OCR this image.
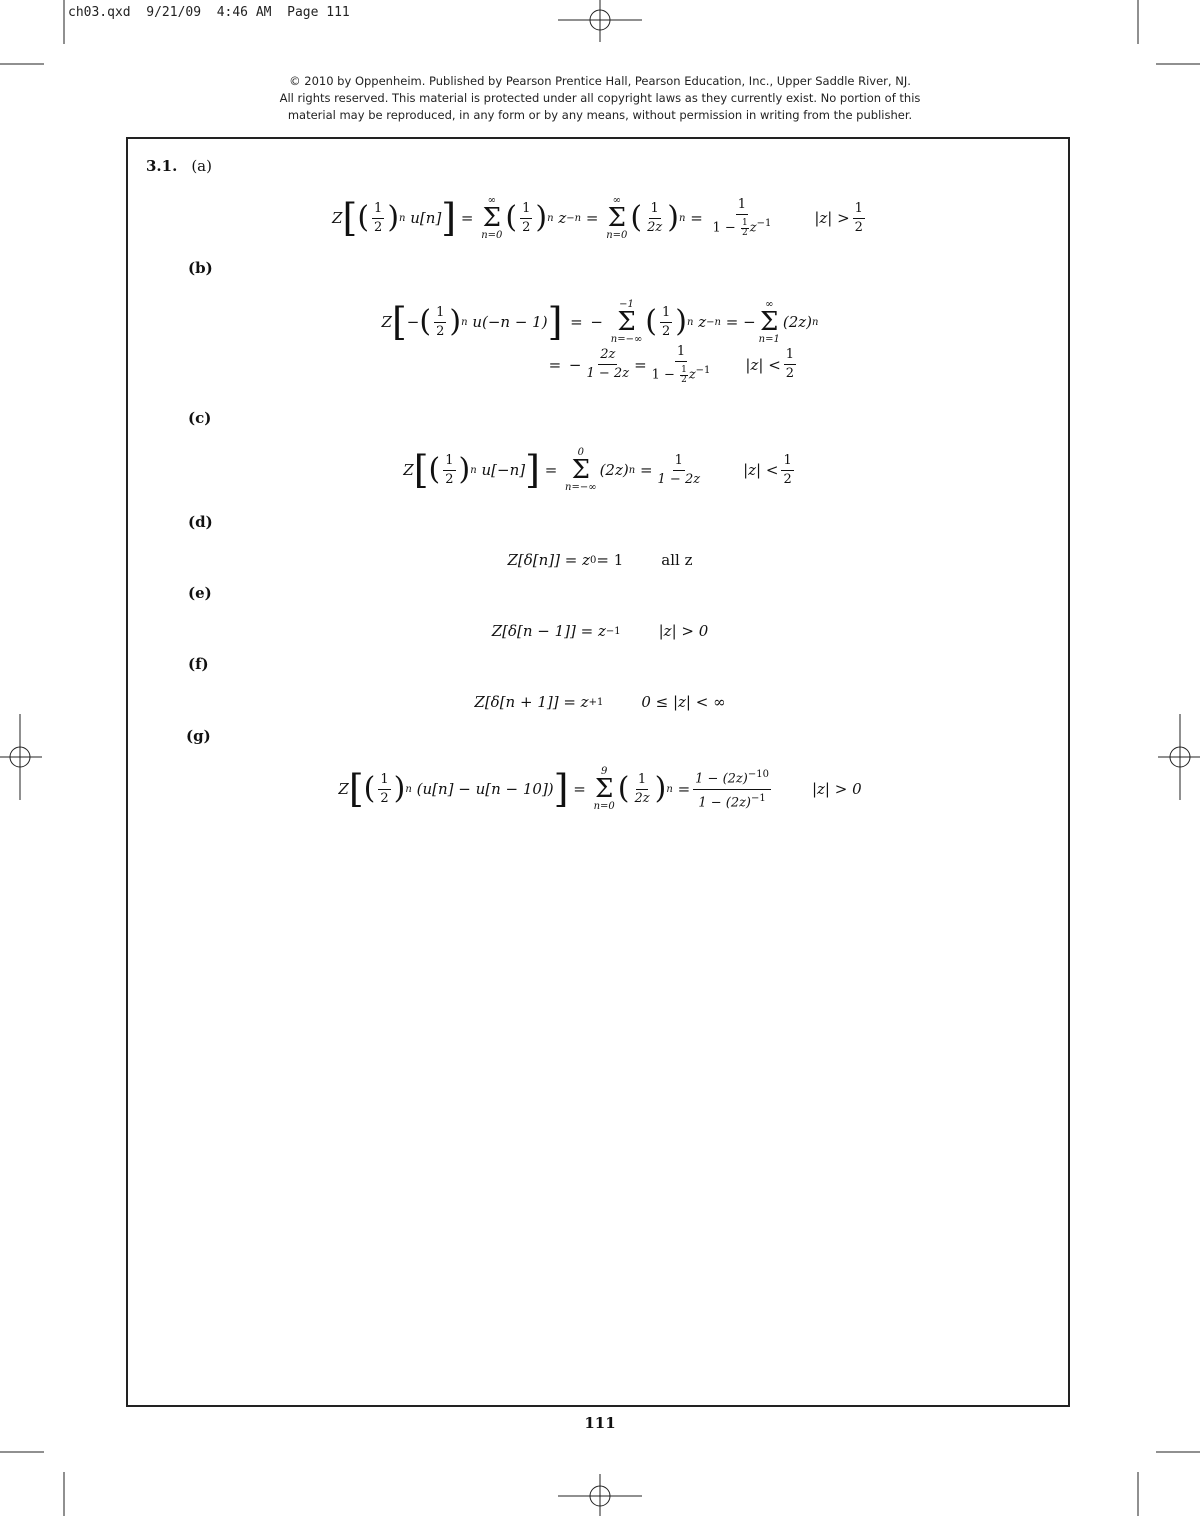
ch03.qxd  9/21/09  4:46 AM  Page 111
© 2010 by Oppenheim. Published by Pearson Prentice Hall, Pearson Education, Inc., Upper Saddle River, NJ.
All rights reserved. This material is protected under all copyright laws as they currently exist. No portion of this
material may be reproduced, in any form or by any means, without permission in writing from the publisher.
3.1. (a)
(b)
(c)
(d)
(e)
(f)
(g)
Z [ ( $\frac{1}{2}$ ) n
u[n] ] =
∞
Σ
n=0
( $\frac{1}{2}$ ) n
z −n =
∞
Σ
n=0
( $\frac{1}{2z}$ ) $n = \frac{1}{1 - \frac{1}{2} z^{-1}}$	$|z| > \frac{1}{2}$
Z [ − ( $\frac{1}{2}$ ) n
u(−n − 1) ] = −
−1
Σ
n=−∞
( $\frac{1}{2}$ ) n
z −n = −
∞
Σ
n=1
(2z) n
= − $\frac{2z}{1 - 2z} = \frac{1}{1 - \frac{1}{2} z^{-1}} |z| < \frac{1}{2}$
Z [ ( $\frac{1}{2}$ ) n
u[−n] ] =
0
Σ
n=−∞
(2z) $n = \frac{1}{1 - 2z}$	$|z| < \frac{1}{2}$
Z[δ[n]] = z 0 = 1	all z
Z[δ[n − 1]] = z −1	|z| > 0
Z[δ[n + 1]] = z +1	0 ≤ |z| < ∞
Z [ ( $\frac{1}{2}$ ) n
(u[n] − u[n − 10]) ] =
9
Σ
n=0
( $\frac{1}{2z}$ ) $n = \frac{1 - (2z)^{-10}}{1 - (2z)^{-1}}$	|z| > 0
111
